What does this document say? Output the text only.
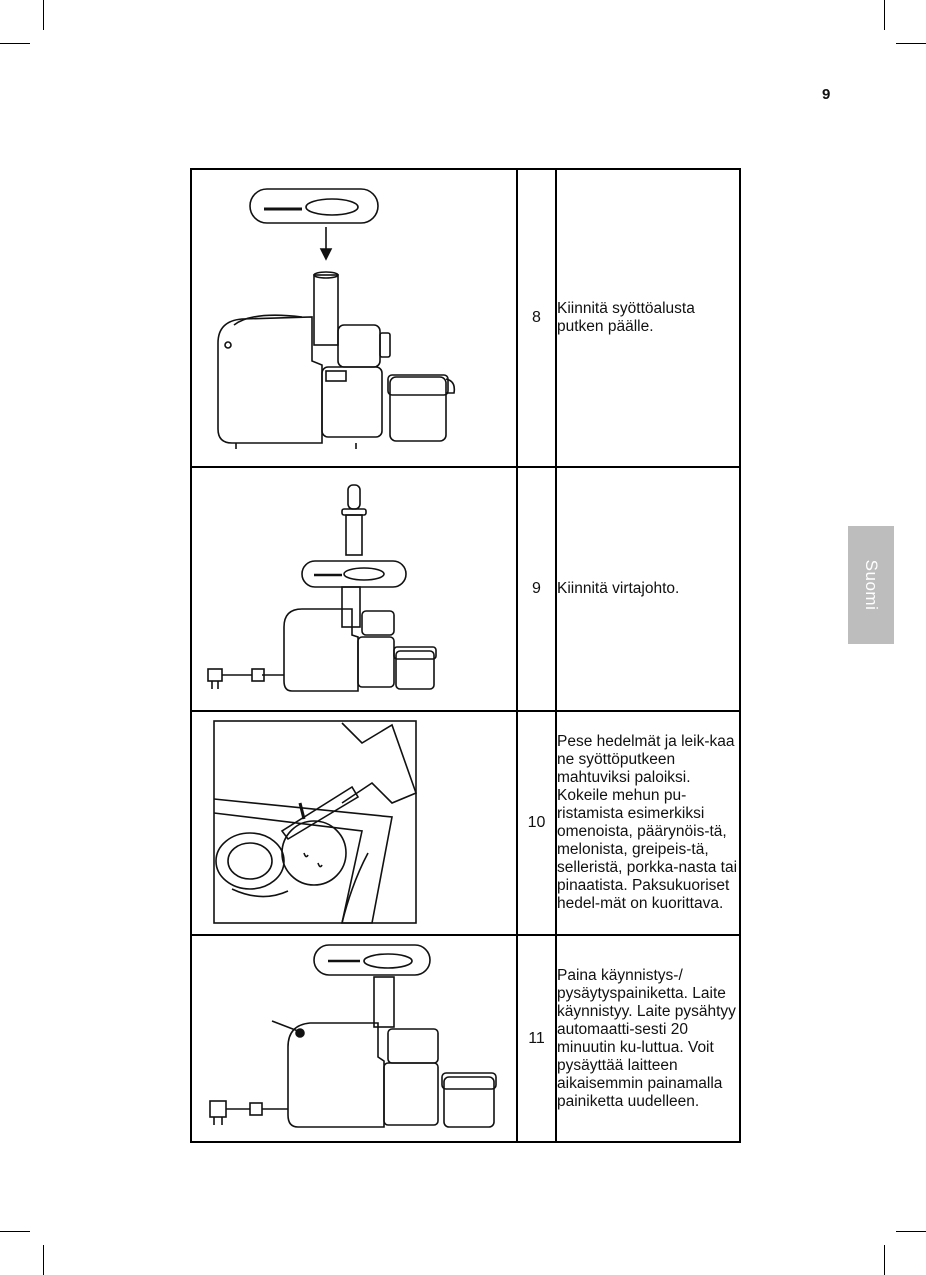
9
Suomi
	8	Kiinnitä syöttöalusta putken päälle.

	9	Kiinnitä virtajohto.

	10	Pese hedelmät ja leik-kaa ne syöttöputkeen mahtuviksi paloiksi. Kokeile mehun pu-ristamista esimerkiksi omenoista, päärynöis-tä, melonista, greipeis-tä, selleristä, porkka-nasta tai pinaatista. Paksukuoriset hedel-mät on kuorittava.

	11	Paina käynnistys-/ pysäytyspainiketta. Laite käynnistyy. Laite pysähtyy automaatti-sesti 20 minuutin ku-luttua. Voit pysäyttää laitteen aikaisemmin painamalla painiketta uudelleen.
